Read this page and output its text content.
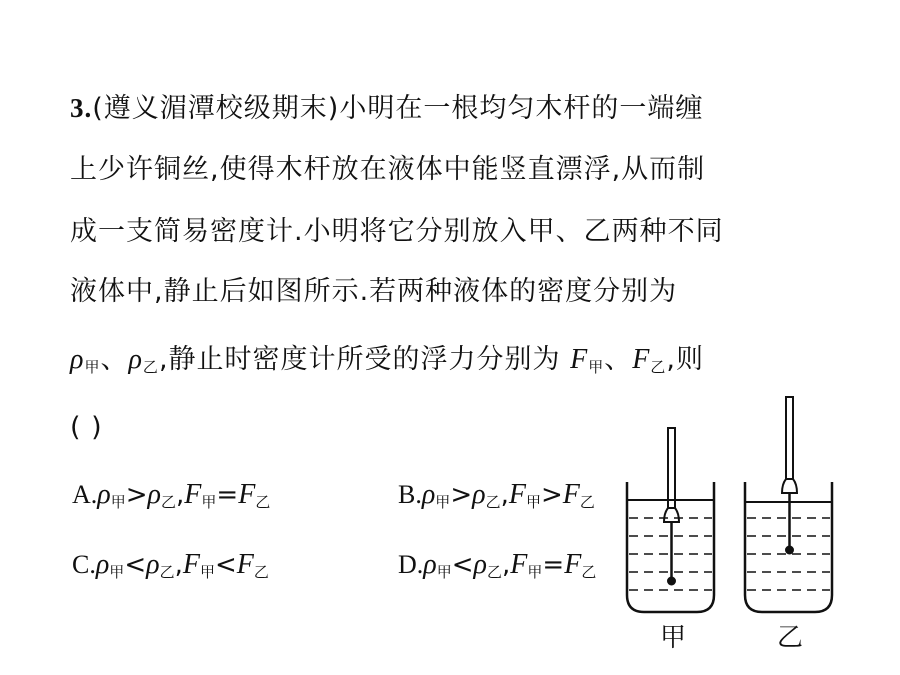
3.(遵义湄潭校级期末)小明在一根均匀木杆的一端缠
上少许铜丝,使得木杆放在液体中能竖直漂浮,从而制
成一支简易密度计.小明将它分别放入甲、乙两种不同
液体中,静止后如图所示.若两种液体的密度分别为
$\rho_甲$、$\rho_乙$,静止时密度计所受的浮力分别为 $F_甲$、$F_乙$,则
( )
$A.\rho_甲>\rho_乙,F_甲=F_乙$	$B.\rho_甲>\rho_乙,F_甲>F_乙$
$C.\rho_甲<\rho_乙,F_甲<F_乙$	$D.\rho_甲<\rho_乙,F_甲=F_乙$
甲	乙
